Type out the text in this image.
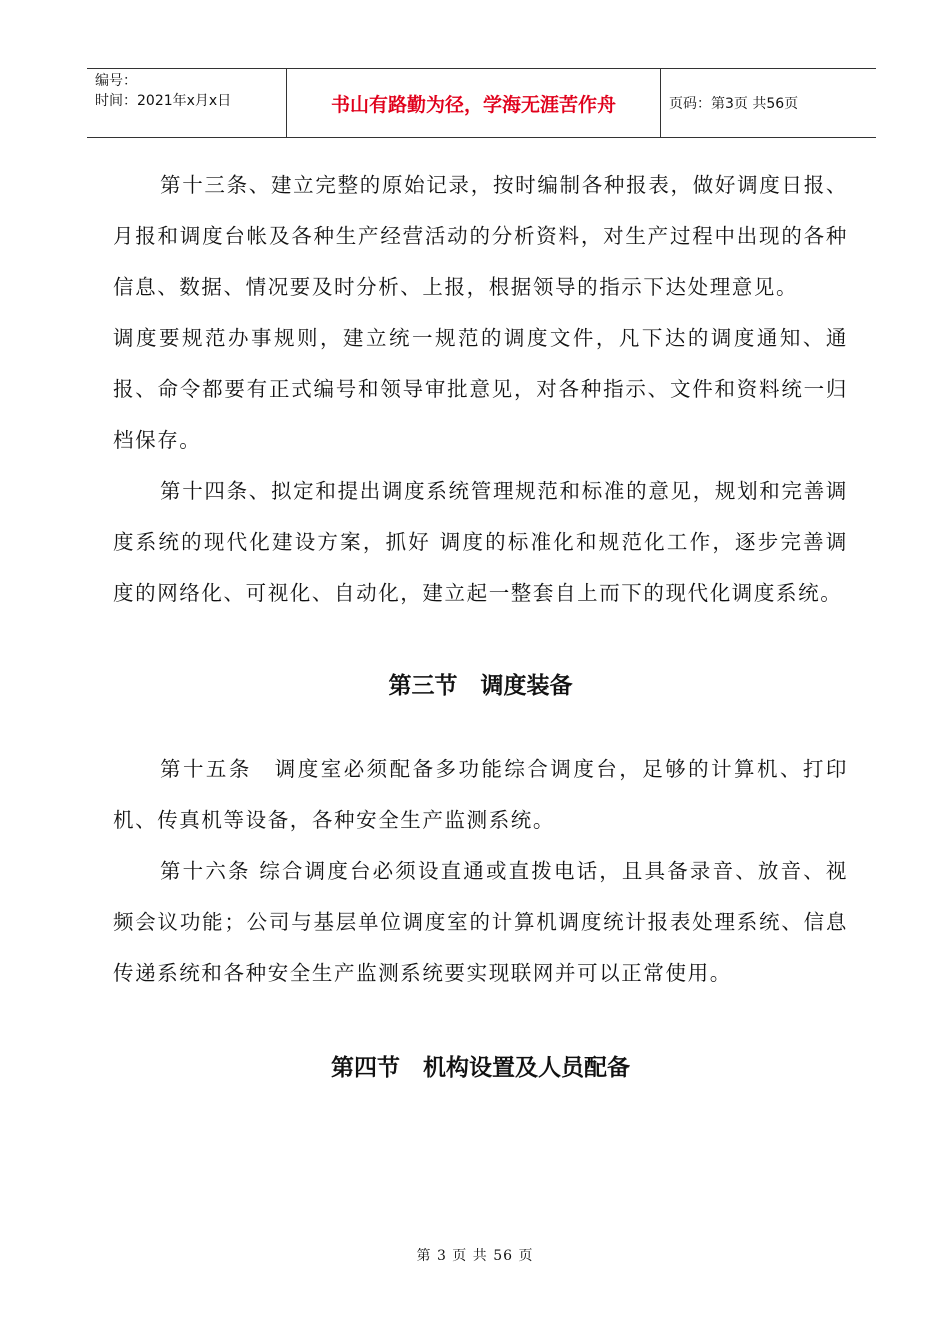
编号：
时间：2021年x月x日	书山有路勤为径，学海无涯苦作舟	页码：第3页 共56页

第十三条、建立完整的原始记录，按时编制各种报表，做好调度日报、月报和调度台帐及各种生产经营活动的分析资料，对生产过程中出现的各种信息、数据、情况要及时分析、上报，根据领导的指示下达处理意见。

调度要规范办事规则，建立统一规范的调度文件，凡下达的调度通知、通报、命令都要有正式编号和领导审批意见，对各种指示、文件和资料统一归档保存。

第十四条、拟定和提出调度系统管理规范和标准的意见，规划和完善调度系统的现代化建设方案，抓好 调度的标准化和规范化工作，逐步完善调度的网络化、可视化、自动化，建立起一整套自上而下的现代化调度系统。

第三节　调度装备

第十五条　调度室必须配备多功能综合调度台，足够的计算机、打印机、传真机等设备，各种安全生产监测系统。

第十六条 综合调度台必须设直通或直拨电话，且具备录音、放音、视频会议功能；公司与基层单位调度室的计算机调度统计报表处理系统、信息传递系统和各种安全生产监测系统要实现联网并可以正常使用。

第四节　机构设置及人员配备
第 3 页 共 56 页
